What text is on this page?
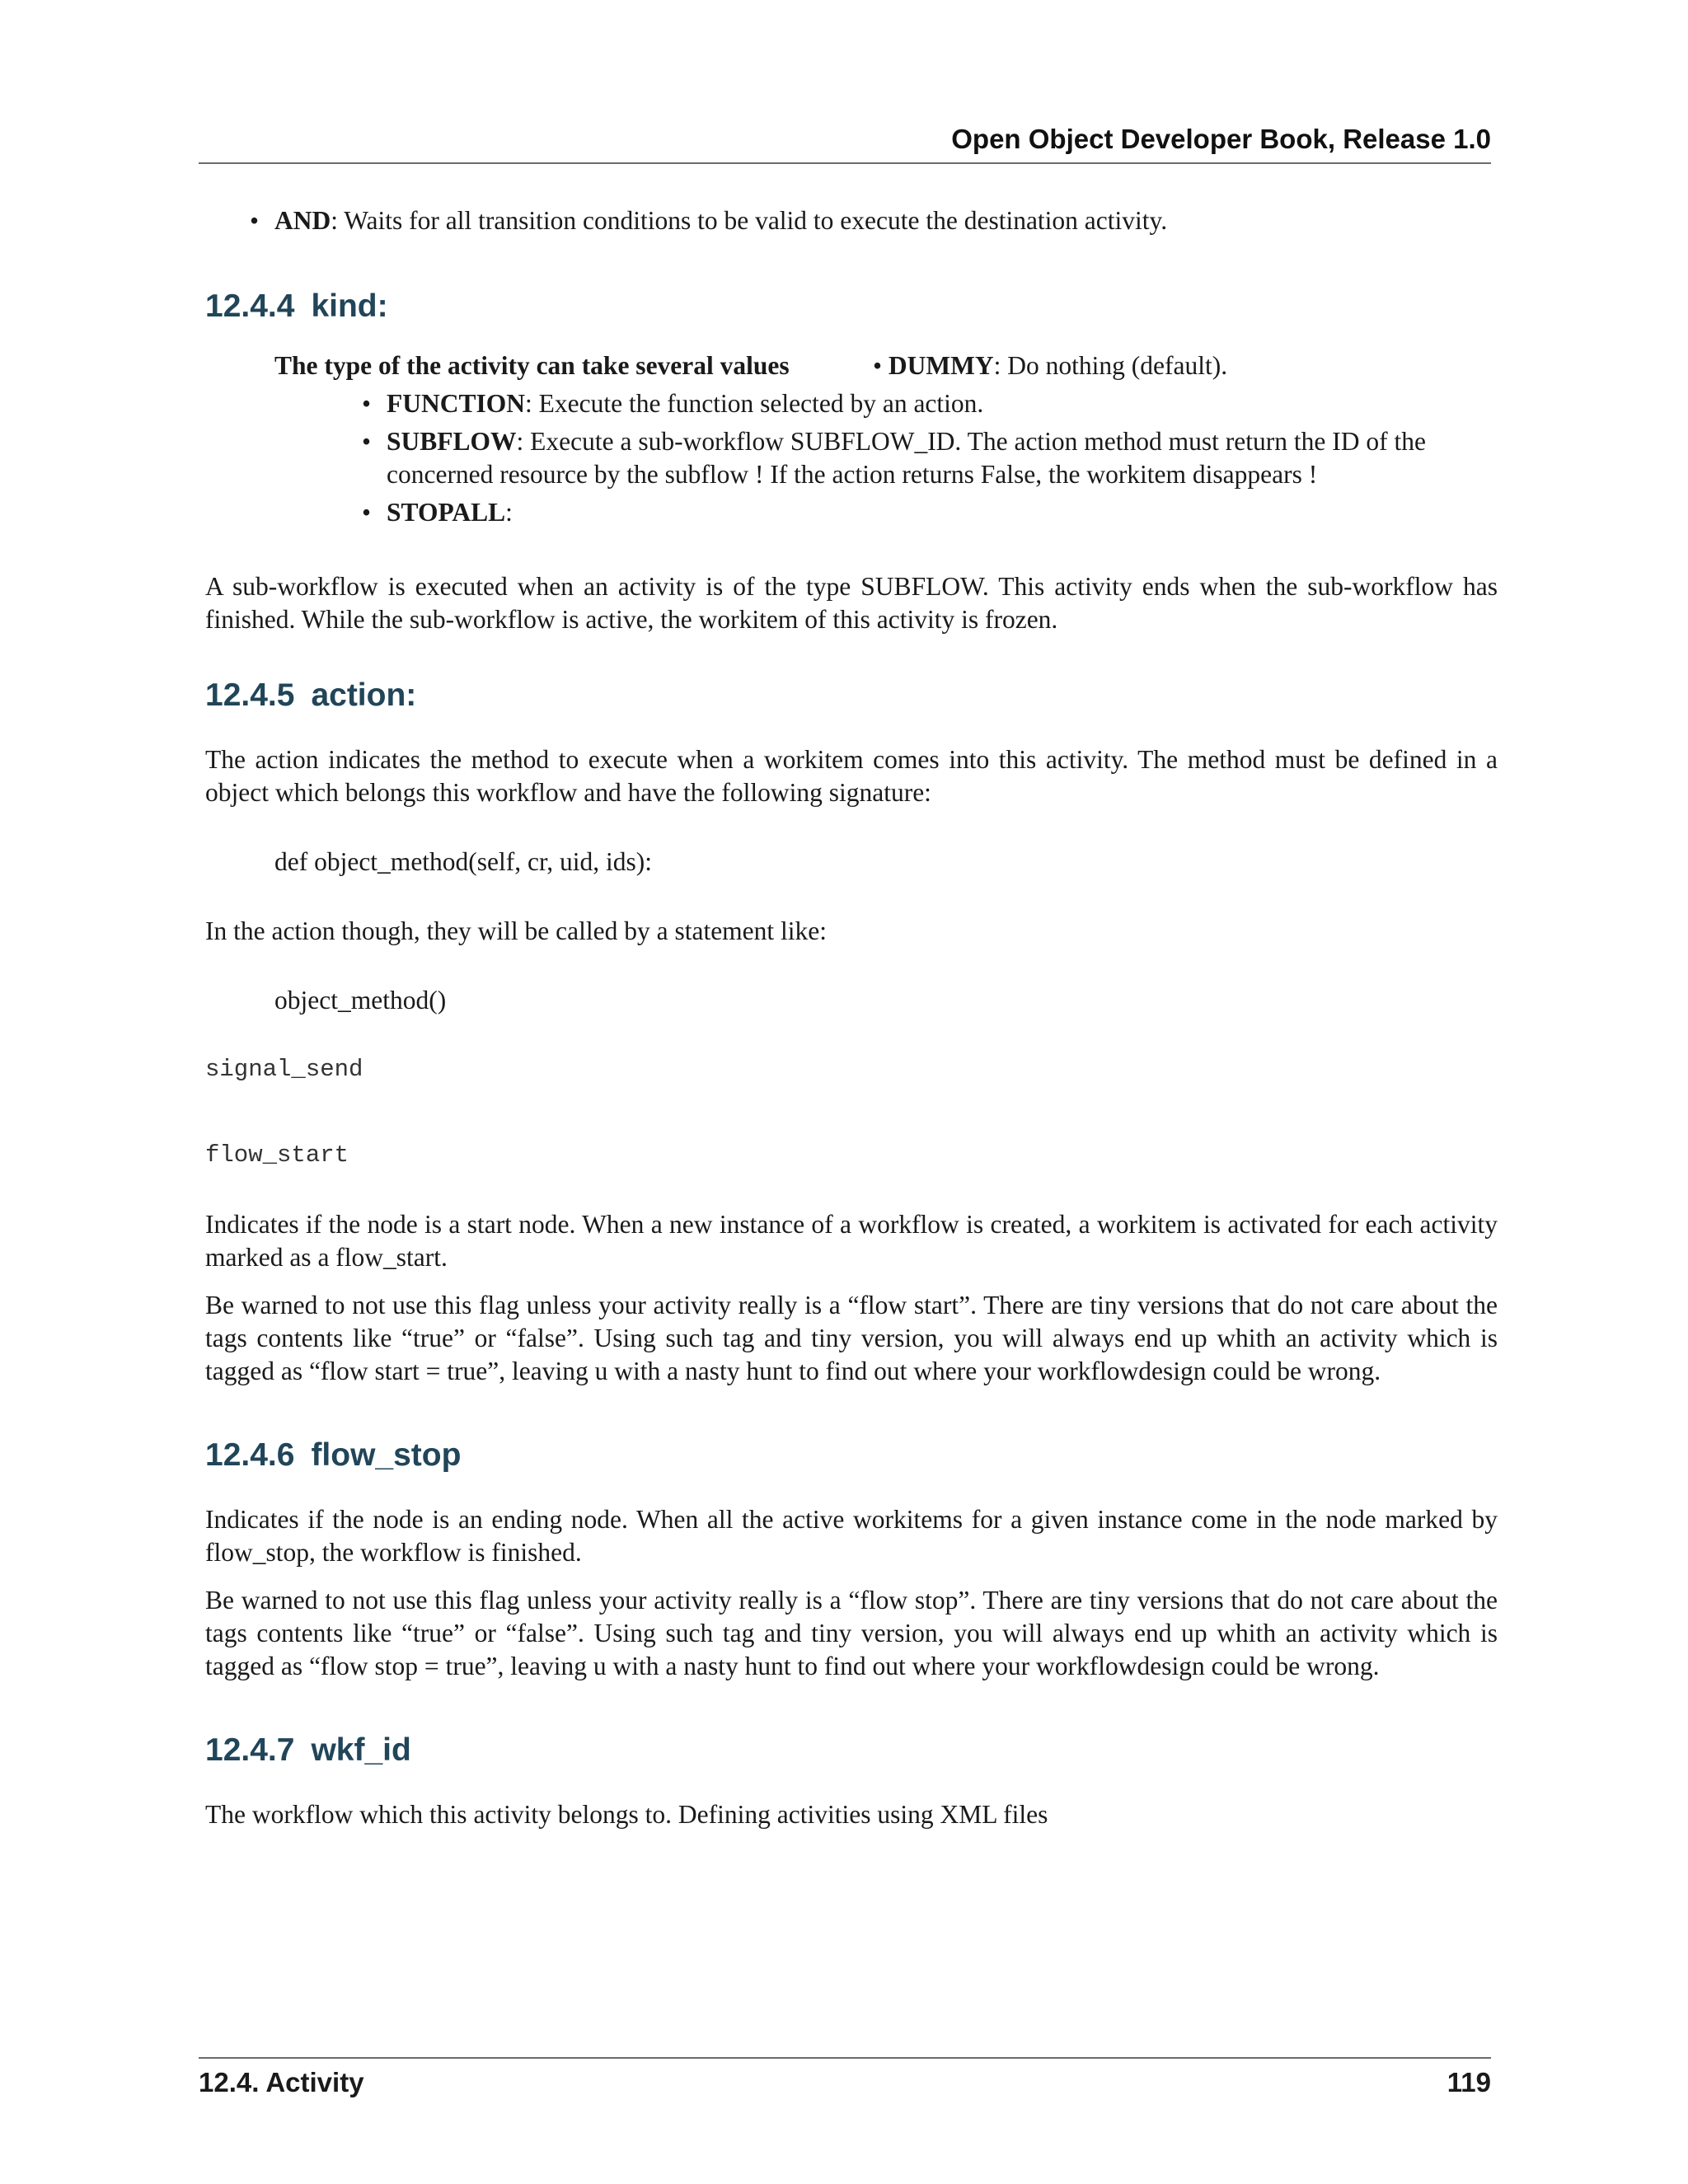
Open Object Developer Book, Release 1.0
• AND: Waits for all transition conditions to be valid to execute the destination activity.
12.4.4 kind:
The type of the activity can take several values	• DUMMY: Do nothing (default).
• FUNCTION: Execute the function selected by an action.
• SUBFLOW: Execute a sub-workflow SUBFLOW_ID. The action method must return the ID of the concerned resource by the subflow ! If the action returns False, the workitem disappears !
• STOPALL:

A sub-workflow is executed when an activity is of the type SUBFLOW. This activity ends when the sub-workflow has finished. While the sub-workflow is active, the workitem of this activity is frozen.

12.4.5 action:

The action indicates the method to execute when a workitem comes into this activity. The method must be defined in a object which belongs this workflow and have the following signature:

def object_method(self, cr, uid, ids):

In the action though, they will be called by a statement like:

object_method()

signal_send

flow_start

Indicates if the node is a start node. When a new instance of a workflow is created, a workitem is activated for each activity marked as a flow_start.

Be warned to not use this flag unless your activity really is a “flow start”. There are tiny versions that do not care about the tags contents like “true” or “false”. Using such tag and tiny version, you will always end up whith an activity which is tagged as “flow start = true”, leaving u with a nasty hunt to find out where your workflowdesign could be wrong.

12.4.6 flow_stop

Indicates if the node is an ending node. When all the active workitems for a given instance come in the node marked by flow_stop, the workflow is finished.

Be warned to not use this flag unless your activity really is a “flow stop”. There are tiny versions that do not care about the tags contents like “true” or “false”. Using such tag and tiny version, you will always end up whith an activity which is tagged as “flow stop = true”, leaving u with a nasty hunt to find out where your workflowdesign could be wrong.

12.4.7 wkf_id

The workflow which this activity belongs to. Defining activities using XML files

12.4. Activity	119
